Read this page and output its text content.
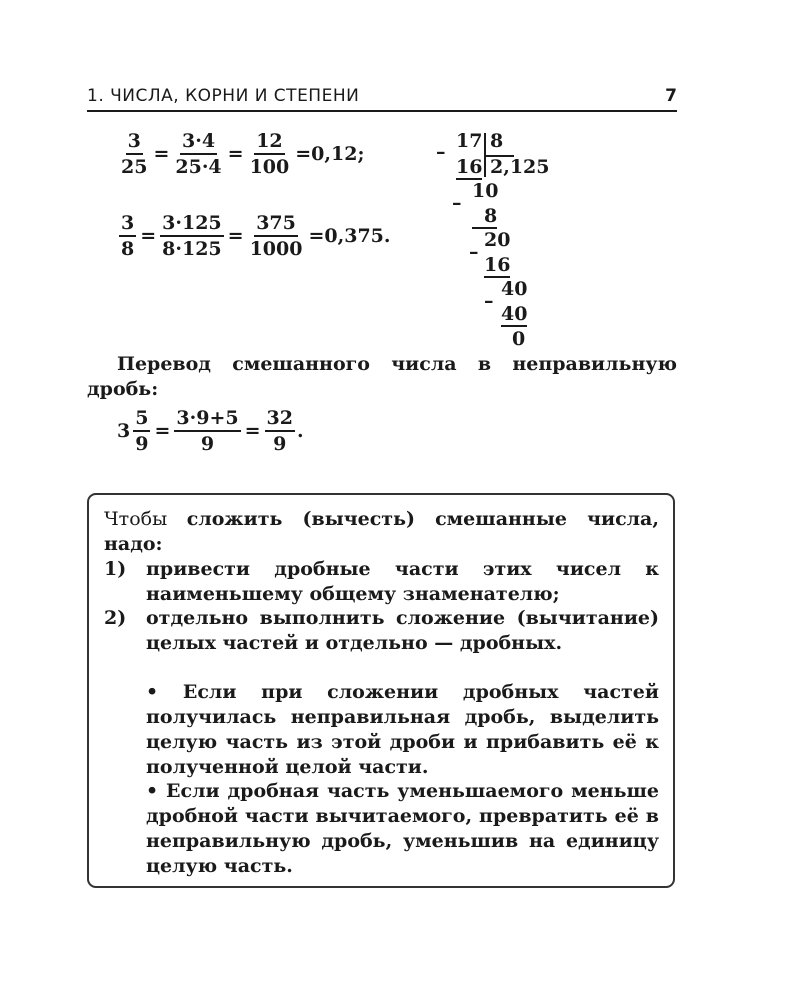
1. ЧИСЛА, КОРНИ И СТЕПЕНИ	7
$\frac{3}{25} = \frac{3\cdot 4}{25\cdot 4} = \frac{12}{100} =0,12$;
$\frac{3}{8} = \frac{3\cdot 125}{8\cdot 125} = \frac{375}{1000} =0,375$.
– 17 8
16 2,125
–
10
8
–
20
16
–
40
40
0

Перевод смешанного числа в неправильную дробь:

$3 \frac{5}{9} = \frac{3\cdot 9+5}{9} = \frac{32}{9}$ .
Чтобы сложить (вычесть) смешанные числа, надо:
1) привести дробные части этих чисел к наименьшему общему знаменателю;
2) отдельно выполнить сложение (вычитание) целых частей и отдельно — дробных.
• Если при сложении дробных частей получилась неправильная дробь, выделить целую часть из этой дроби и прибавить её к полученной целой части.
• Если дробная часть уменьшаемого меньше дробной части вычитаемого, превратить её в неправильную дробь, уменьшив на единицу целую часть.
